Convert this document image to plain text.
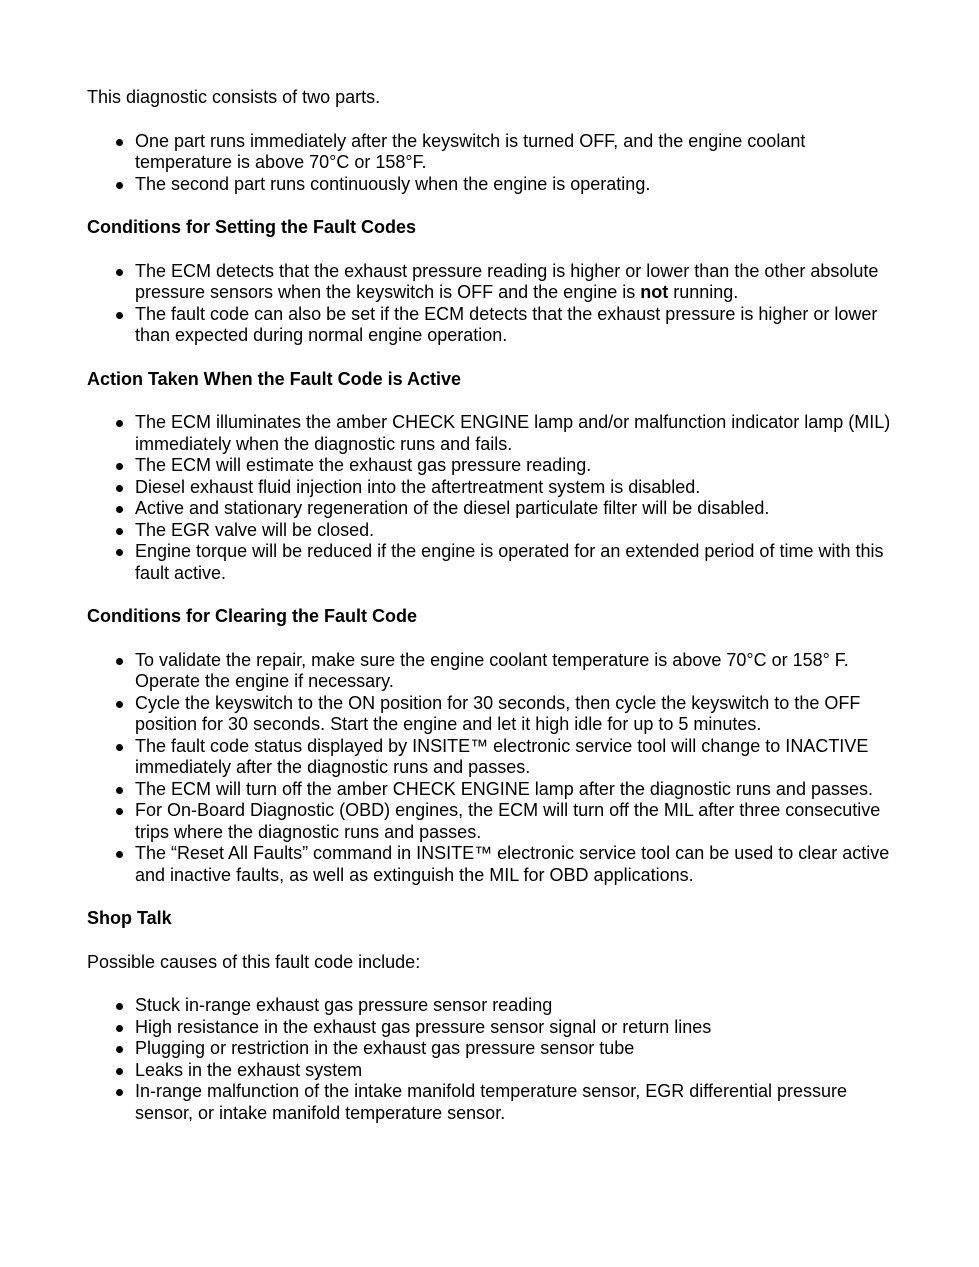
This diagnostic consists of two parts.

One part runs immediately after the keyswitch is turned OFF, and the engine coolant temperature is above 70°C or 158°F.
The second part runs continuously when the engine is operating.
Conditions for Setting the Fault Codes
The ECM detects that the exhaust pressure reading is higher or lower than the other absolute pressure sensors when the keyswitch is OFF and the engine is not running.
The fault code can also be set if the ECM detects that the exhaust pressure is higher or lower than expected during normal engine operation.
Action Taken When the Fault Code is Active
The ECM illuminates the amber CHECK ENGINE lamp and/or malfunction indicator lamp (MIL) immediately when the diagnostic runs and fails.
The ECM will estimate the exhaust gas pressure reading.
Diesel exhaust fluid injection into the aftertreatment system is disabled.
Active and stationary regeneration of the diesel particulate filter will be disabled.
The EGR valve will be closed.
Engine torque will be reduced if the engine is operated for an extended period of time with this fault active.
Conditions for Clearing the Fault Code
To validate the repair, make sure the engine coolant temperature is above 70°C or 158° F. Operate the engine if necessary.
Cycle the keyswitch to the ON position for 30 seconds, then cycle the keyswitch to the OFF position for 30 seconds. Start the engine and let it high idle for up to 5 minutes.
The fault code status displayed by INSITE™ electronic service tool will change to INACTIVE immediately after the diagnostic runs and passes.
The ECM will turn off the amber CHECK ENGINE lamp after the diagnostic runs and passes.
For On-Board Diagnostic (OBD) engines, the ECM will turn off the MIL after three consecutive trips where the diagnostic runs and passes.
The “Reset All Faults” command in INSITE™ electronic service tool can be used to clear active and inactive faults, as well as extinguish the MIL for OBD applications.
Shop Talk

Possible causes of this fault code include:

Stuck in-range exhaust gas pressure sensor reading
High resistance in the exhaust gas pressure sensor signal or return lines
Plugging or restriction in the exhaust gas pressure sensor tube
Leaks in the exhaust system
In-range malfunction of the intake manifold temperature sensor, EGR differential pressure sensor, or intake manifold temperature sensor.
